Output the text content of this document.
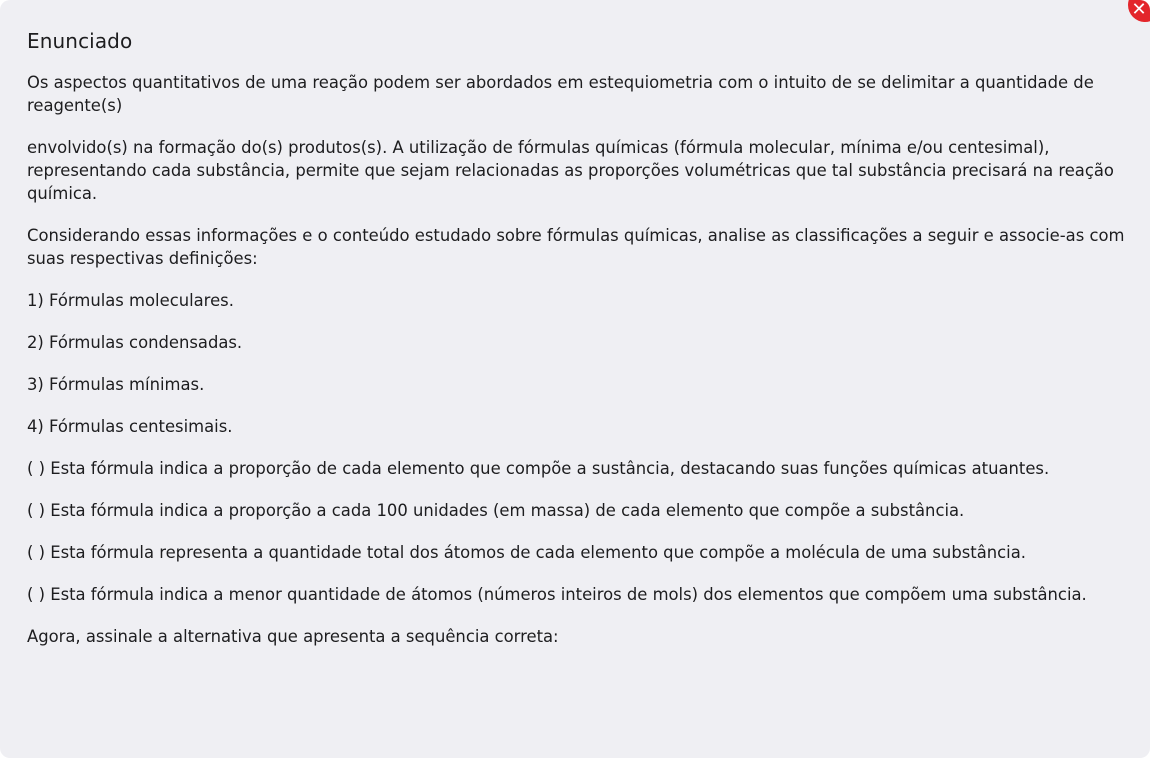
✕
Enunciado

Os aspectos quantitativos de uma reação podem ser abordados em estequiometria com o intuito de se delimitar a quantidade de reagente(s)

envolvido(s) na formação do(s) produtos(s). A utilização de fórmulas químicas (fórmula molecular, mínima e/ou centesimal), representando cada substância, permite que sejam relacionadas as proporções volumétricas que tal substância precisará na reação química.

Considerando essas informações e o conteúdo estudado sobre fórmulas químicas, analise as classificações a seguir e associe-as com suas respectivas definições:

1) Fórmulas moleculares.

2) Fórmulas condensadas.

3) Fórmulas mínimas.

4) Fórmulas centesimais.

( ) Esta fórmula indica a proporção de cada elemento que compõe a sustância, destacando suas funções químicas atuantes.

( ) Esta fórmula indica a proporção a cada 100 unidades (em massa) de cada elemento que compõe a substância.

( ) Esta fórmula representa a quantidade total dos átomos de cada elemento que compõe a molécula de uma substância.

( ) Esta fórmula indica a menor quantidade de átomos (números inteiros de mols) dos elementos que compõem uma substância.

Agora, assinale a alternativa que apresenta a sequência correta:
